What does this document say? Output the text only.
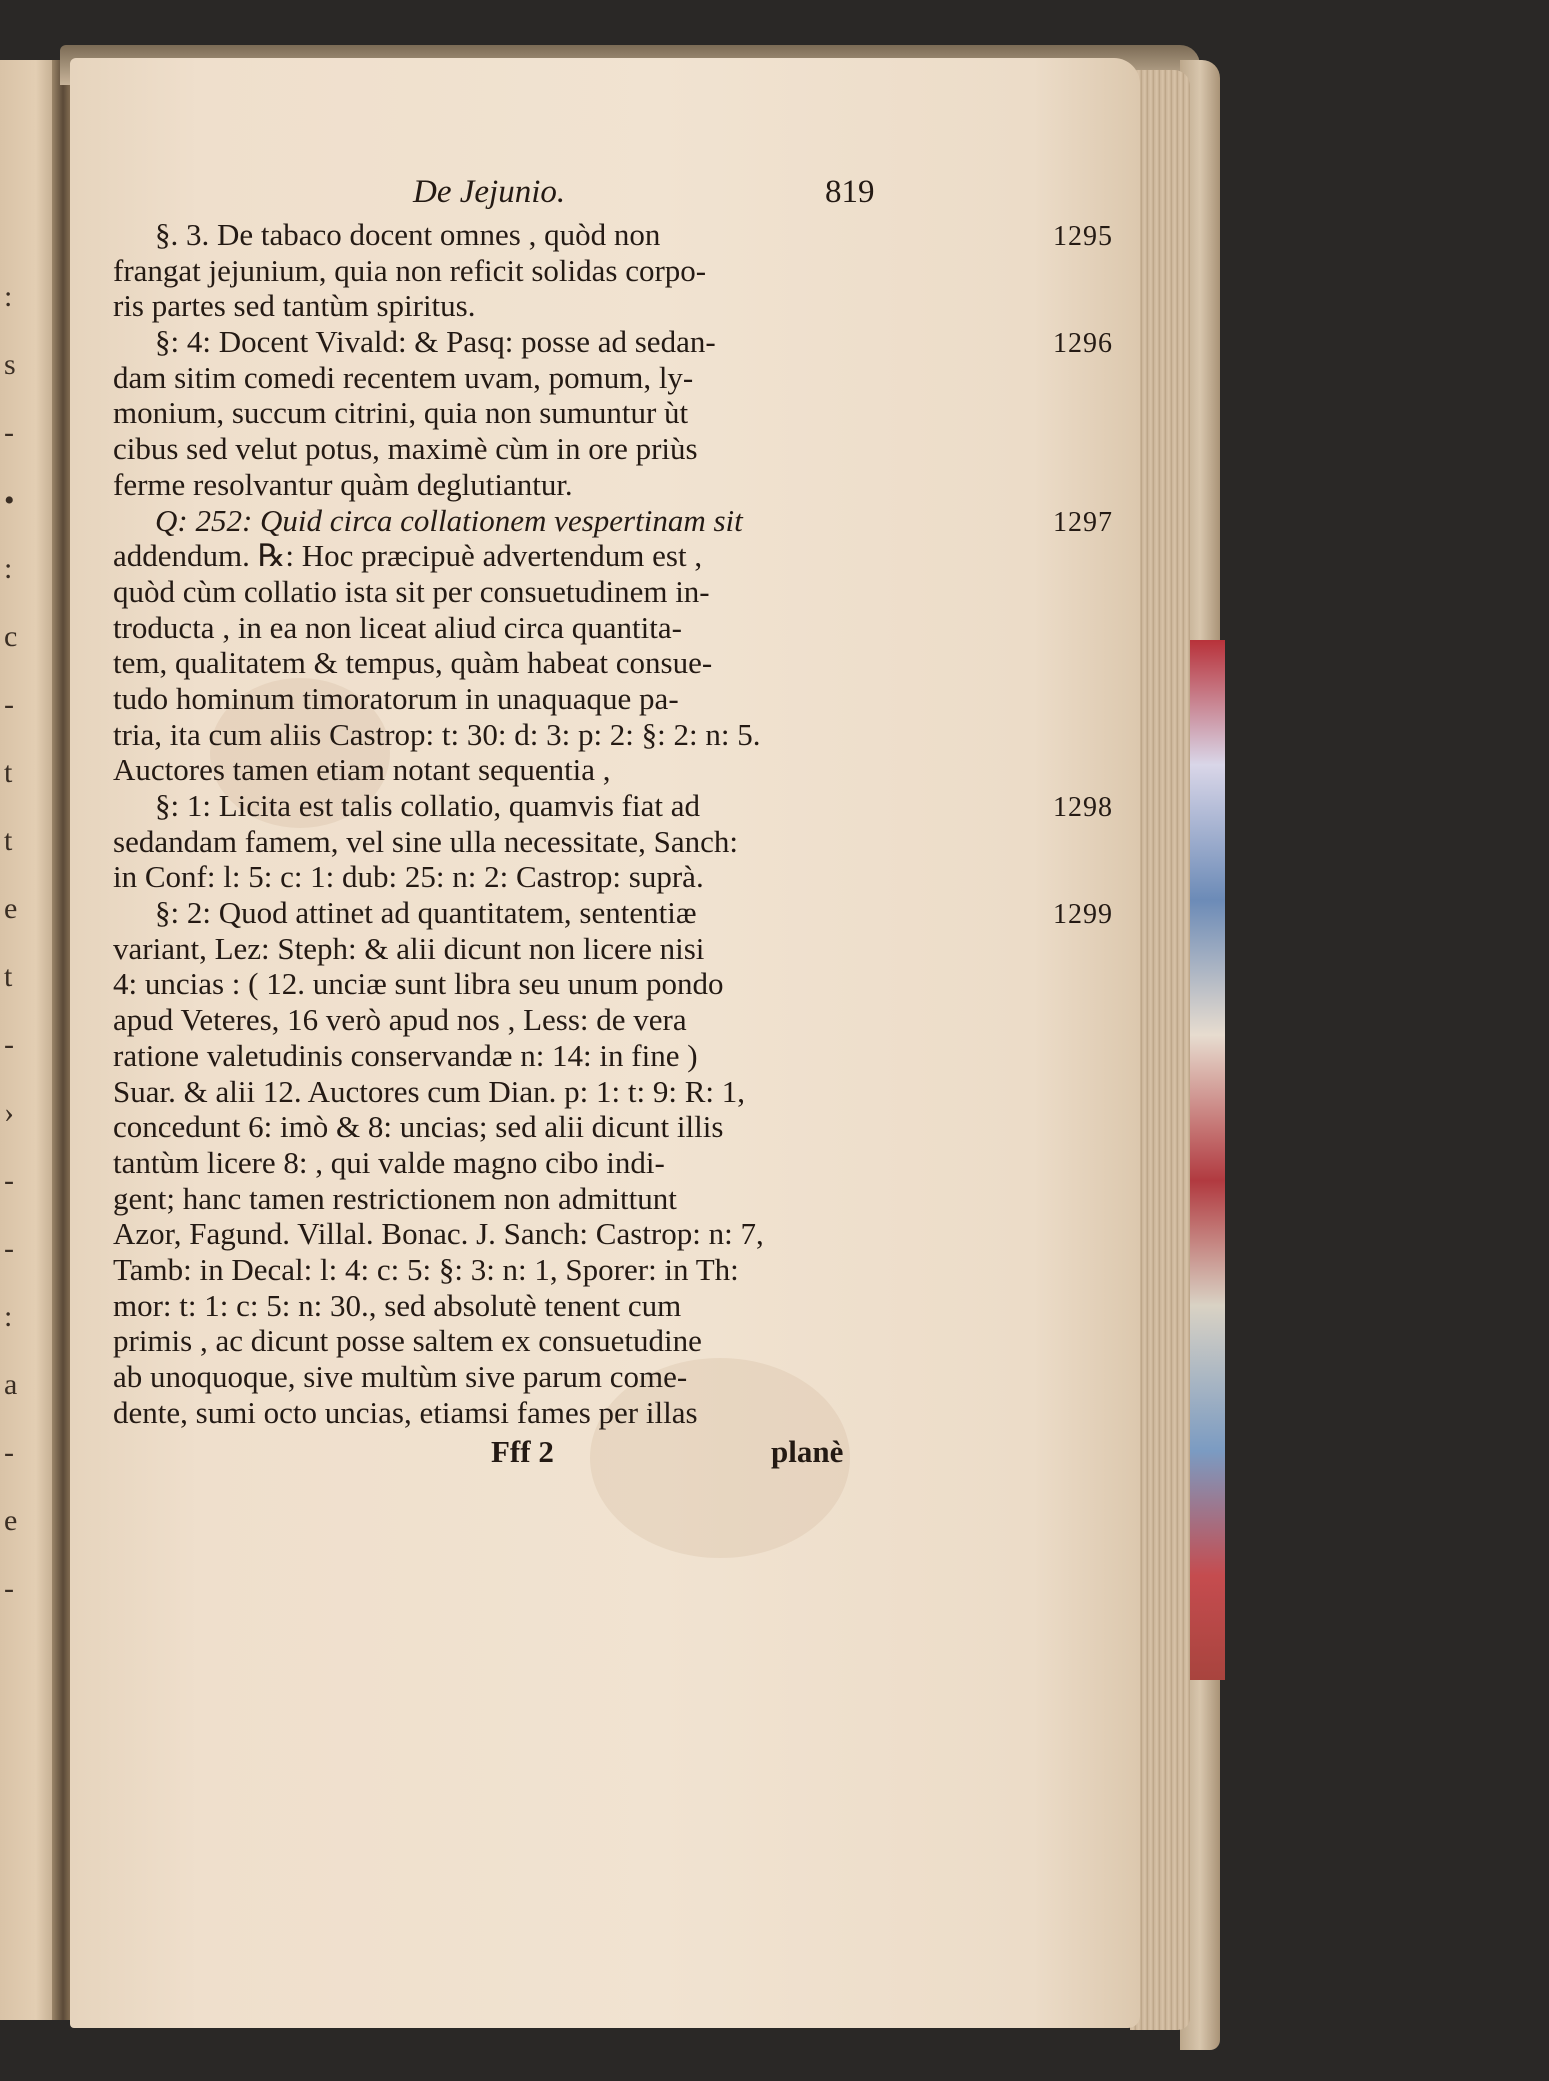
:
s
-
•
:
c
-
t
t
e
t
-
›
-
-
:
a
-
e
-
De Jejunio.	819
§. 3. De tabaco docent omnes , quòd non
frangat jejunium, quia non reficit solidas corpo-
ris partes sed tantùm spiritus.
§: 4: Docent Vivald: & Pasq: posse ad sedan-
dam sitim comedi recentem uvam, pomum, ly-
monium, succum citrini, quia non sumuntur ùt
cibus sed velut potus, maximè cùm in ore priùs
ferme resolvantur quàm deglutiantur.
Q: 252: Quid circa collationem vespertinam sit
addendum. ℞: Hoc præcipuè advertendum est ,
quòd cùm collatio ista sit per consuetudinem in-
troducta , in ea non liceat aliud circa quantita-
tem, qualitatem & tempus, quàm habeat consue-
tudo hominum timoratorum in unaquaque pa-
tria, ita cum aliis Castrop: t: 30: d: 3: p: 2: §: 2: n: 5.
Auctores tamen etiam notant sequentia ,
§: 1: Licita est talis collatio, quamvis fiat ad
sedandam famem, vel sine ulla necessitate, Sanch:
in Conf: l: 5: c: 1: dub: 25: n: 2: Castrop: suprà.
§: 2: Quod attinet ad quantitatem, sententiæ
variant, Lez: Steph: & alii dicunt non licere nisi
4: uncias : ( 12. unciæ sunt libra seu unum pondo
apud Veteres, 16 verò apud nos , Less: de vera
ratione valetudinis conservandæ n: 14: in fine )
Suar. & alii 12. Auctores cum Dian. p: 1: t: 9: R: 1,
concedunt 6: imò & 8: uncias; sed alii dicunt illis
tantùm licere 8: , qui valde magno cibo indi-
gent; hanc tamen restrictionem non admittunt
Azor, Fagund. Villal. Bonac. J. Sanch: Castrop: n: 7,
Tamb: in Decal: l: 4: c: 5: §: 3: n: 1, Sporer: in Th:
mor: t: 1: c: 5: n: 30., sed absolutè tenent cum
primis , ac dicunt posse saltem ex consuetudine
ab unoquoque, sive multùm sive parum come-
dente, sumi octo uncias, etiamsi fames per illas
Fff 2	planè
1295
1296
1297
1298
1299
